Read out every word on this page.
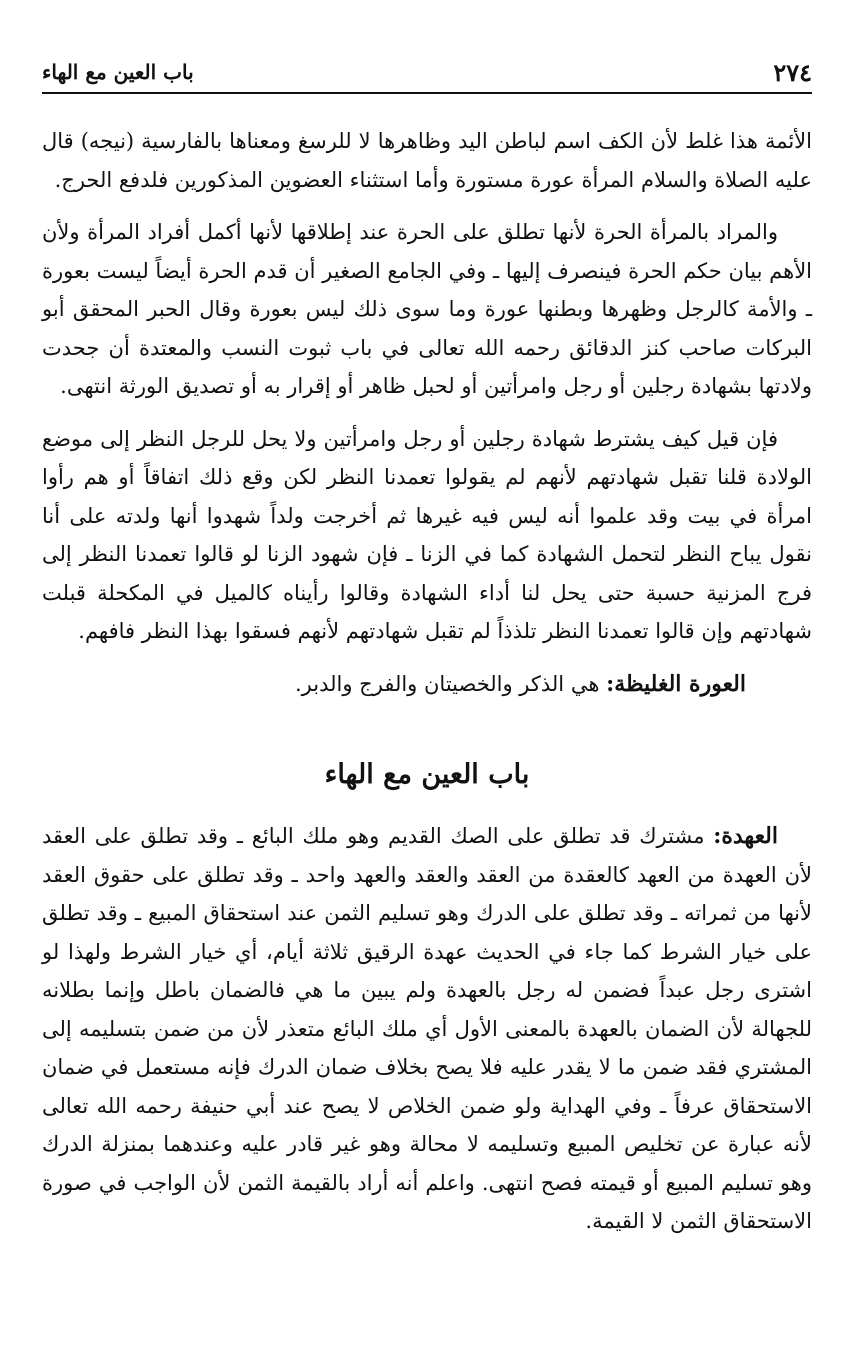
٢٧٤
باب العين مع الهاء

الأئمة هذا غلط لأن الكف اسم لباطن اليد وظاهرها لا للرسغ ومعناها بالفارسية (نيجه) قال عليه الصلاة والسلام المرأة عورة مستورة وأما استثناء العضوين المذكورين فلدفع الحرج.

والمراد بالمرأة الحرة لأنها تطلق على الحرة عند إطلاقها لأنها أكمل أفراد المرأة ولأن الأهم بيان حكم الحرة فينصرف إليها ـ وفي الجامع الصغير أن قدم الحرة أيضاً ليست بعورة ـ والأمة كالرجل وظهرها وبطنها عورة وما سوى ذلك ليس بعورة وقال الحبر المحقق أبو البركات صاحب كنز الدقائق رحمه الله تعالى في باب ثبوت النسب والمعتدة أن جحدت ولادتها بشهادة رجلين أو رجل وامرأتين أو لحبل ظاهر أو إقرار به أو تصديق الورثة انتهى.

فإن قيل كيف يشترط شهادة رجلين أو رجل وامرأتين ولا يحل للرجل النظر إلى موضع الولادة قلنا تقبل شهادتهم لأنهم لم يقولوا تعمدنا النظر لكن وقع ذلك اتفاقاً أو هم رأوا امرأة في بيت وقد علموا أنه ليس فيه غيرها ثم أخرجت ولداً شهدوا أنها ولدته على أنا نقول يباح النظر لتحمل الشهادة كما في الزنا ـ فإن شهود الزنا لو قالوا تعمدنا النظر إلى فرج المزنية حسبة حتى يحل لنا أداء الشهادة وقالوا رأيناه كالميل في المكحلة قبلت شهادتهم وإن قالوا تعمدنا النظر تلذذاً لم تقبل شهادتهم لأنهم فسقوا بهذا النظر فافهم.

العورة الغليظة: هي الذكر والخصيتان والفرج والدبر.

باب العين مع الهاء

العهدة: مشترك قد تطلق على الصك القديم وهو ملك البائع ـ وقد تطلق على العقد لأن العهدة من العهد كالعقدة من العقد والعقد والعهد واحد ـ وقد تطلق على حقوق العقد لأنها من ثمراته ـ وقد تطلق على الدرك وهو تسليم الثمن عند استحقاق المبيع ـ وقد تطلق على خيار الشرط كما جاء في الحديث عهدة الرقيق ثلاثة أيام، أي خيار الشرط ولهذا لو اشترى رجل عبداً فضمن له رجل بالعهدة ولم يبين ما هي فالضمان باطل وإنما بطلانه للجهالة لأن الضمان بالعهدة بالمعنى الأول أي ملك البائع متعذر لأن من ضمن بتسليمه إلى المشتري فقد ضمن ما لا يقدر عليه فلا يصح بخلاف ضمان الدرك فإنه مستعمل في ضمان الاستحقاق عرفاً ـ وفي الهداية ولو ضمن الخلاص لا يصح عند أبي حنيفة رحمه الله تعالى لأنه عبارة عن تخليص المبيع وتسليمه لا محالة وهو غير قادر عليه وعندهما بمنزلة الدرك وهو تسليم المبيع أو قيمته فصح انتهى. واعلم أنه أراد بالقيمة الثمن لأن الواجب في صورة الاستحقاق الثمن لا القيمة.
